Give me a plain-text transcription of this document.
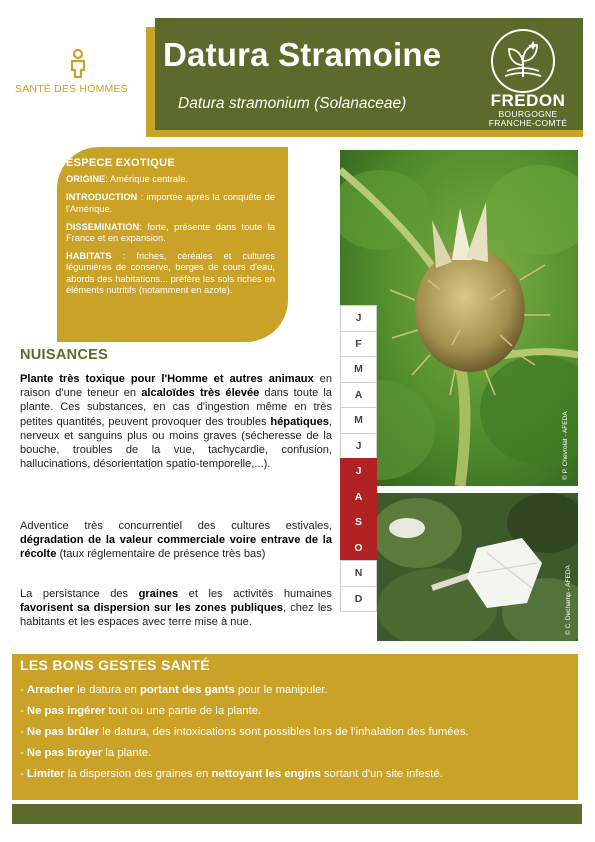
SANTÉ DES HOMMES
Datura Stramoine
Datura stramonium (Solanaceae)	FREDON
BOURGOGNE
FRANCHE-COMTÉ
ESPECE EXOTIQUE

ORIGINE: Amérique centrale.

INTRODUCTION : importée après la conquête de l'Amérique.

DISSEMINATION: forte, présente dans toute la France et en expansion.

HABITATS : friches, céréales et cultures légumières de conserve, berges de cours d'eau, abords des habitations... préfère les sols riches en éléments nutritifs (notamment en azote).

NUISANCES
Plante très toxique pour l'Homme et autres animaux en raison d'une teneur en alcaloïdes très élevée dans toute la plante. Ces substances, en cas d'ingestion même en très petites quantités, peuvent provoquer des troubles hépatiques, nerveux et sanguins plus ou moins graves (sécheresse de la bouche, troubles de la vue, tachycardie, confusion, hallucinations, désorientation spatio-temporelle,...).
Adventice très concurrentiel des cultures estivales, dégradation de la valeur commerciale voire entrave de la récolte (taux réglementaire de présence très bas)
La persistance des graines et les activités humaines favorisent sa dispersion sur les zones publiques, chez les habitants et les espaces avec terre mise à nue.
© P. Chevrolat - AFEDA
© C. Dechamp - AFEDA
J
F
M
A
M
J
J
A
S
O
N
D
LES BONS GESTES SANTÉ

- Arracher le datura en portant des gants pour le manipuler.

- Ne pas ingérer tout ou une partie de la plante.

- Ne pas brûler le datura, des intoxications sont possibles lors de l'inhalation des fumées.

- Ne pas broyer la plante.

- Limiter la dispersion des graines en nettoyant les engins sortant d'un site infesté.
